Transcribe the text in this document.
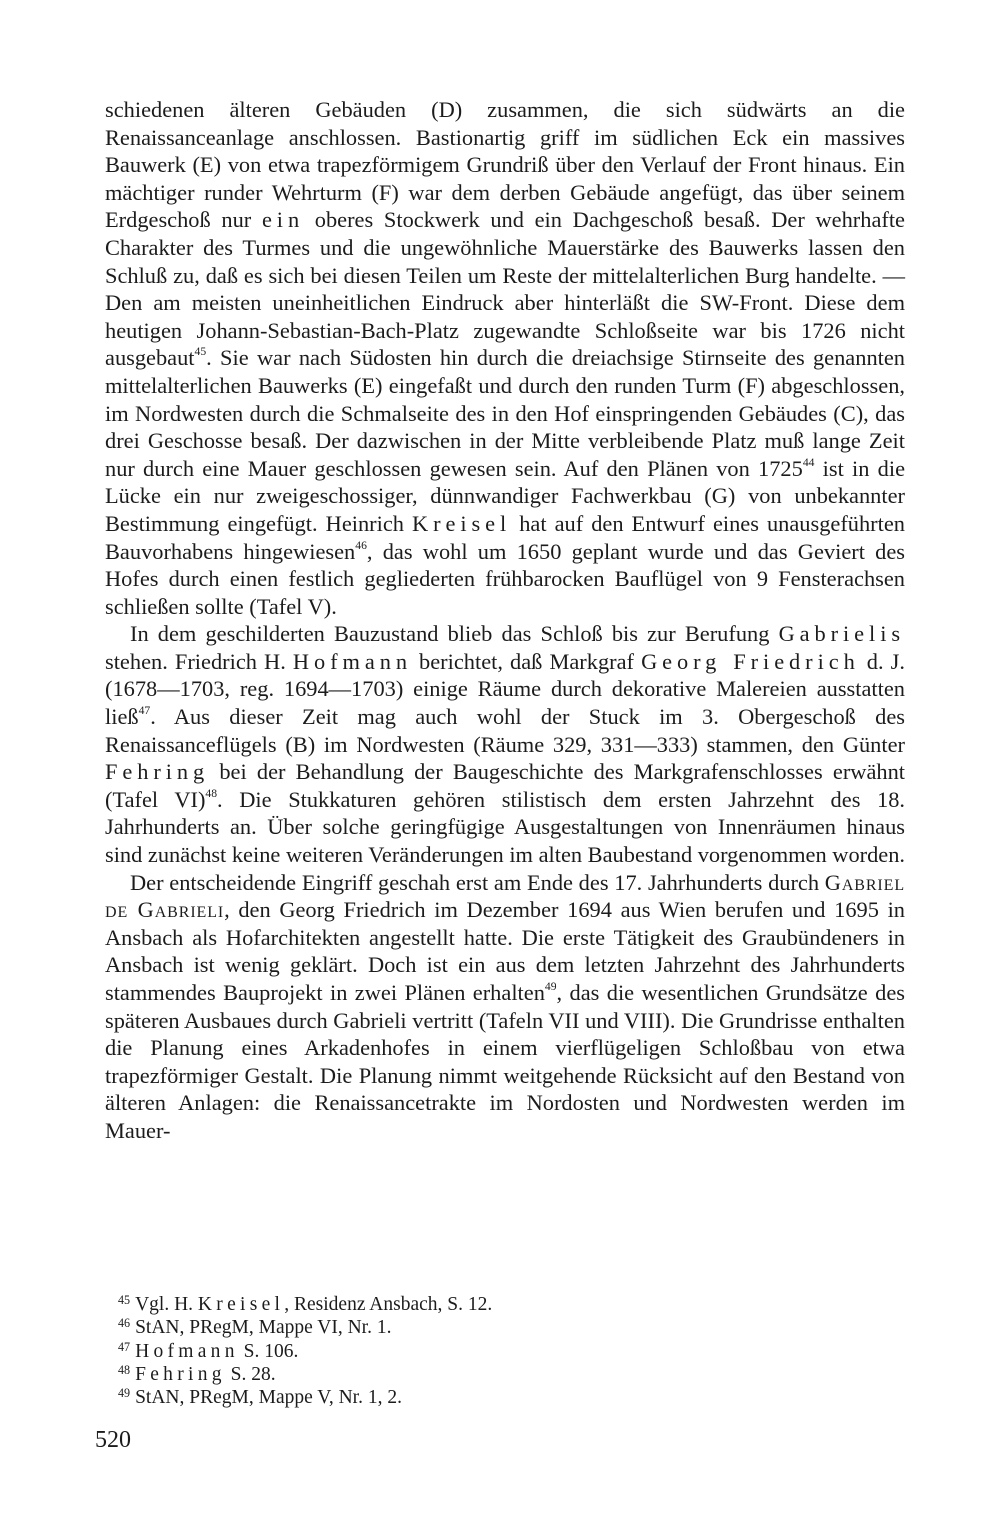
schiedenen älteren Gebäuden (D) zusammen, die sich südwärts an die Renaissanceanlage anschlossen. Bastionartig griff im südlichen Eck ein massives Bauwerk (E) von etwa trapezförmigem Grundriß über den Verlauf der Front hinaus. Ein mächtiger runder Wehrturm (F) war dem derben Gebäude angefügt, das über seinem Erdgeschoß nur ein oberes Stockwerk und ein Dachgeschoß besaß. Der wehrhafte Charakter des Turmes und die ungewöhnliche Mauerstärke des Bauwerks lassen den Schluß zu, daß es sich bei diesen Teilen um Reste der mittelalterlichen Burg handelte. — Den am meisten uneinheitlichen Eindruck aber hinterläßt die SW-Front. Diese dem heutigen Johann-Sebastian-Bach-Platz zugewandte Schloßseite war bis 1726 nicht ausgebaut$^{45}$. Sie war nach Südosten hin durch die dreiachsige Stirnseite des genannten mittelalterlichen Bauwerks (E) eingefaßt und durch den runden Turm (F) abgeschlossen, im Nordwesten durch die Schmalseite des in den Hof einspringenden Gebäudes (C), das drei Geschosse besaß. Der dazwischen in der Mitte verbleibende Platz muß lange Zeit nur durch eine Mauer geschlossen gewesen sein. Auf den Plänen von 1725$^{44}$ ist in die Lücke ein nur zweigeschossiger, dünnwandiger Fachwerkbau (G) von unbekannter Bestimmung eingefügt. Heinrich Kreisel hat auf den Entwurf eines unausgeführten Bauvorhabens hingewiesen$^{46}$, das wohl um 1650 geplant wurde und das Geviert des Hofes durch einen festlich gegliederten frühbarocken Bauflügel von 9 Fensterachsen schließen sollte (Tafel V).

In dem geschilderten Bauzustand blieb das Schloß bis zur Berufung Gabrielis stehen. Friedrich H. Hofmann berichtet, daß Markgraf Georg Friedrich d. J. (1678—1703, reg. 1694—1703) einige Räume durch dekorative Malereien ausstatten ließ$^{47}$. Aus dieser Zeit mag auch wohl der Stuck im 3. Obergeschoß des Renaissanceflügels (B) im Nordwesten (Räume 329, 331—333) stammen, den Günter Fehring bei der Behandlung der Baugeschichte des Markgrafenschlosses erwähnt (Tafel VI)$^{48}$. Die Stukkaturen gehören stilistisch dem ersten Jahrzehnt des 18. Jahrhunderts an. Über solche geringfügige Ausgestaltungen von Innenräumen hinaus sind zunächst keine weiteren Veränderungen im alten Baubestand vorgenommen worden.

Der entscheidende Eingriff geschah erst am Ende des 17. Jahrhunderts durch Gabriel de Gabrieli, den Georg Friedrich im Dezember 1694 aus Wien berufen und 1695 in Ansbach als Hofarchitekten angestellt hatte. Die erste Tätigkeit des Graubündeners in Ansbach ist wenig geklärt. Doch ist ein aus dem letzten Jahrzehnt des Jahrhunderts stammendes Bauprojekt in zwei Plänen erhalten$^{49}$, das die wesentlichen Grundsätze des späteren Ausbaues durch Gabrieli vertritt (Tafeln VII und VIII). Die Grundrisse enthalten die Planung eines Arkadenhofes in einem vierflügeligen Schloßbau von etwa trapezförmiger Gestalt. Die Planung nimmt weitgehende Rücksicht auf den Bestand von älteren Anlagen: die Renaissancetrakte im Nordosten und Nordwesten werden im Mauer-

$^{45}$ Vgl. H. Kreisel, Residenz Ansbach, S. 12.

$^{46}$ StAN, PRegM, Mappe VI, Nr. 1.

$^{47}$ Hofmann S. 106.

$^{48}$ Fehring S. 28.

$^{49}$ StAN, PRegM, Mappe V, Nr. 1, 2.

520
